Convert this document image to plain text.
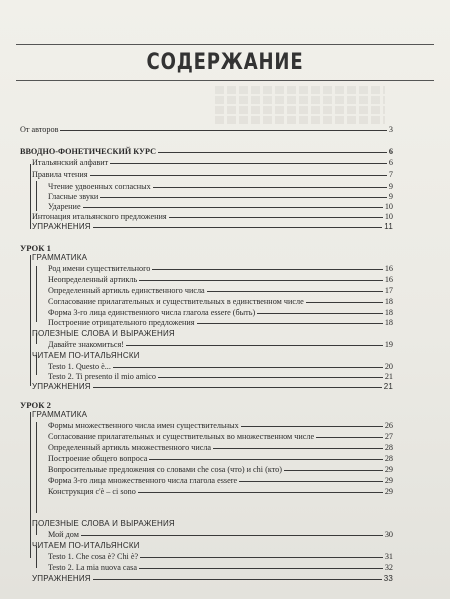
СОДЕРЖАНИЕ
От авторов	3
ВВОДНО-ФОНЕТИЧЕСКИЙ КУРС	6
Итальянский алфавит	6
Правила чтения	7
Чтение удвоенных согласных	9
Гласные звуки	9
Ударение	10
Интонация итальянского предложения	10
УПРАЖНЕНИЯ	11
УРОК 1
ГРАММАТИКА
Род имени существительного	16
Неопределенный артикль	16
Определенный артикль единственного числа	17
Согласование прилагательных и существительных в единственном числе	18
Форма 3-го лица единственного числа глагола essere (быть)	18
Построение отрицательного предложения	18
ПОЛЕЗНЫЕ СЛОВА И ВЫРАЖЕНИЯ
Давайте знакомиться!	19
ЧИТАЕМ ПО-ИТАЛЬЯНСКИ
Testo 1. Questo è...	20
Testo 2. Ti presento il mio amico	21
УПРАЖНЕНИЯ	21
УРОК 2
ГРАММАТИКА
Формы множественного числа имен существительных	26
Согласование прилагательных и существительных во множественном числе	27
Определенный артикль множественного числа	28
Построение общего вопроса	28
Вопросительные предложения со словами che cosa (что) и chi (кто)	29
Форма 3-го лица множественного числа глагола essere	29
Конструкция c'è – ci sono	29
ПОЛЕЗНЫЕ СЛОВА И ВЫРАЖЕНИЯ
Мой дом	30
ЧИТАЕМ ПО-ИТАЛЬЯНСКИ
Testo 1. Che cosa è? Chi è?	31
Testo 2. La mia nuova casa	32
УПРАЖНЕНИЯ	33
